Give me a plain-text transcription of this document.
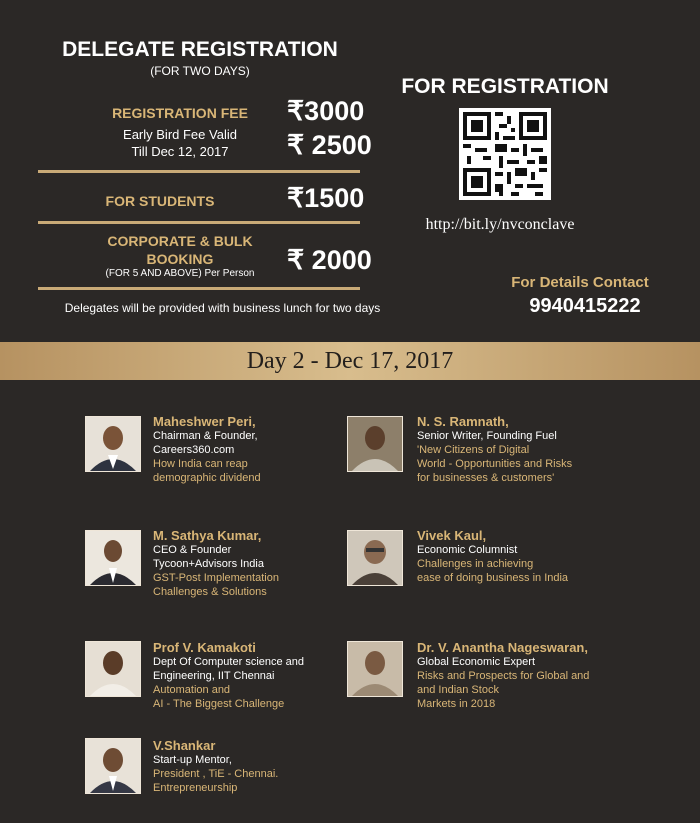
DELEGATE REGISTRATION
(FOR TWO DAYS)
REGISTRATION FEE	₹3000
Early Bird Fee Valid
Till Dec 12, 2017	₹ 2500
FOR STUDENTS	₹1500
CORPORATE & BULK
BOOKING
(FOR 5 AND ABOVE) Per Person	₹ 2000
Delegates will be provided with business lunch for two days
FOR REGISTRATION
http://bit.ly/nvconclave
For Details Contact
9940415222
Day 2 - Dec 17, 2017
Maheshwer Peri,
Chairman & Founder,
Careers360.com
How India can reap
demographic dividend
N. S. Ramnath,
Senior Writer, Founding Fuel
'New Citizens of Digital
World - Opportunities and Risks
for businesses & customers'
M. Sathya Kumar,
CEO & Founder
Tycoon+Advisors India
GST-Post Implementation
Challenges & Solutions
Vivek Kaul,
Economic Columnist
Challenges in achieving
ease of doing business in India
Prof V. Kamakoti
Dept Of Computer science and
Engineering, IIT Chennai
Automation and
AI - The Biggest Challenge
Dr. V. Anantha Nageswaran,
Global Economic Expert
Risks and Prospects for Global and
and Indian Stock
Markets in 2018
V.Shankar
Start-up Mentor,
President , TiE - Chennai.
Entrepreneurship
